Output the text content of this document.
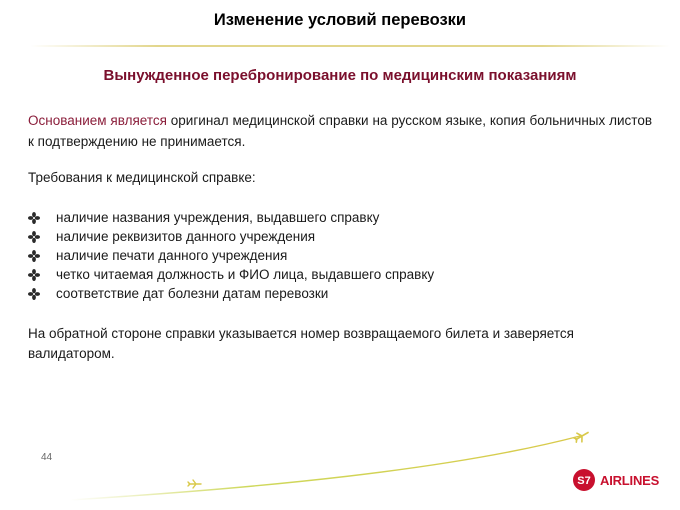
Изменение условий перевозки
Вынужденное перебронирование по медицинским показаниям
Основанием является оригинал медицинской справки на русском языке, копия больничных листов к подтверждению не принимается.
Требования к медицинской справке:
наличие названия учреждения, выдавшего справку
наличие реквизитов данного учреждения
наличие печати данного учреждения
четко читаемая должность и ФИО лица, выдавшего справку
соответствие дат болезни датам перевозки
На обратной стороне справки указывается номер возвращаемого билета и заверяется валидатором.
44
S7 AIRLINES
